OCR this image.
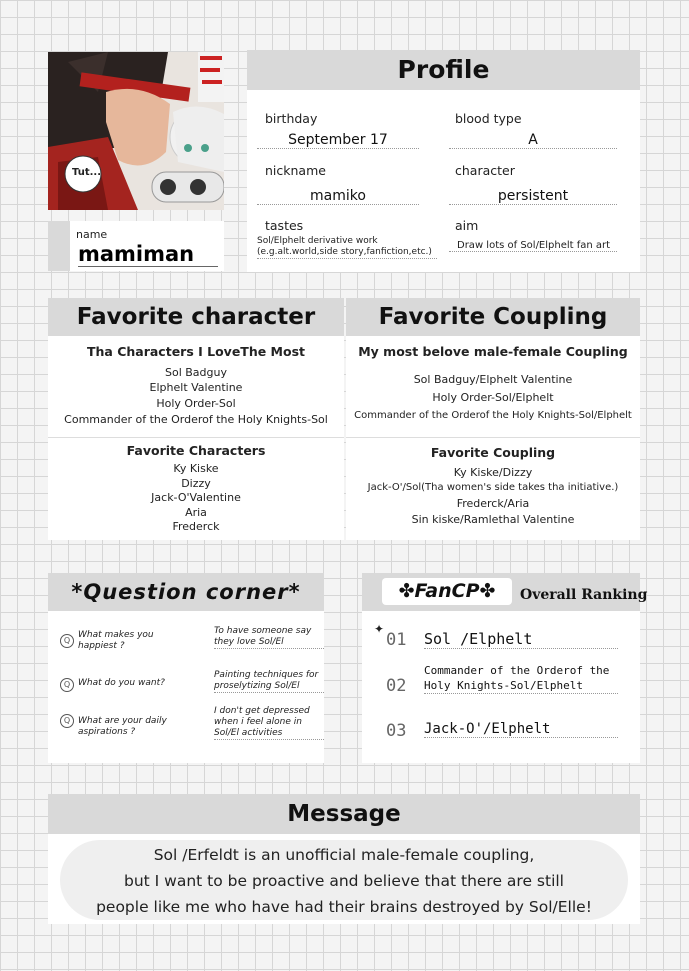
Tut...
name
mamiman
Profile
birthday
September 17
blood type
A
nickname
mamiko
character
persistent
tastes
Sol/Elphelt derivative work
(e.g.alt.world,side story,fanfiction,etc.)
aim
Draw lots of Sol/Elphelt fan art
Favorite character
Tha Characters I LoveThe Most
Sol Badguy
Elphelt Valentine
Holy Order-Sol
Commander of the Orderof the Holy Knights-Sol
Favorite Characters
Ky Kiske
Dizzy
Jack-O'Valentine
Aria
Frederck
Favorite Coupling
My most belove male-female Coupling
Sol Badguy/Elphelt Valentine
Holy Order-Sol/Elphelt
Commander of the Orderof the Holy Knights-Sol/Elphelt
Favorite Coupling
Ky Kiske/Dizzy
Jack-O'/Sol(Tha women's side takes tha initiative.)
Frederck/Aria
Sin kiske/Ramlethal Valentine
*Question corner*
Q
What makes you happiest ?
To have someone say they love Sol/El
Q What do you want?
Painting techniques for proselytizing Sol/El
Q What are your daily aspirations ?
I don't get depressed when i feel alone in Sol/El activities
✤FanCP✤	Overall Ranking
✦
01 Sol /Elphelt
02
Commander of the Orderof the Holy Knights-Sol/Elphelt
03 Jack-O'/Elphelt
Message
Sol /Erfeldt is an unofficial male-female coupling,
but I want to be proactive and believe that there are still
people like me who have had their brains destroyed by Sol/Elle!
